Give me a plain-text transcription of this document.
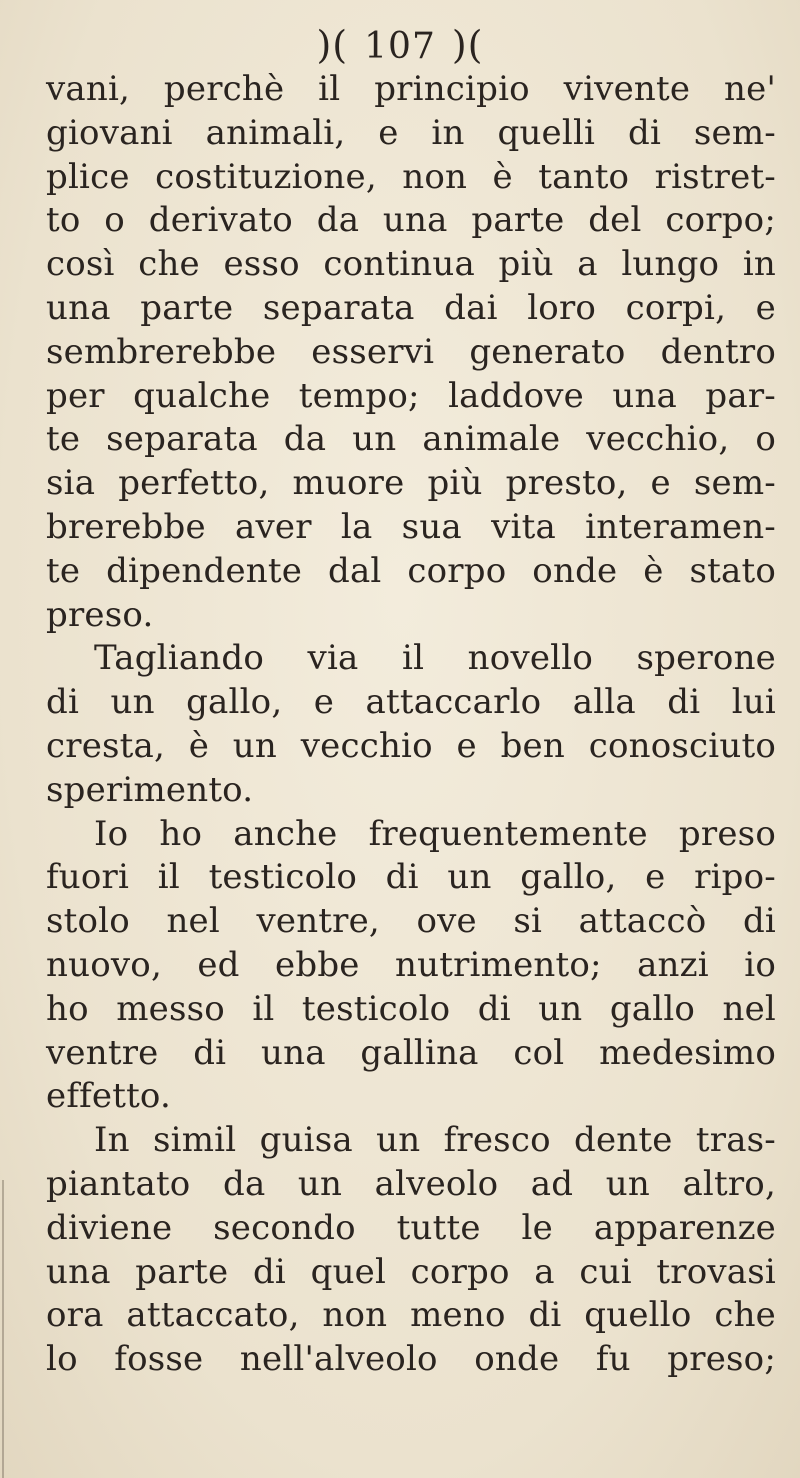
)( 107 )(
vani, perchè il principio vivente ne'
giovani animali, e in quelli di sem-
plice costituzione, non è tanto ristret-
to o derivato da una parte del corpo;
così che esso continua più a lungo in
una parte separata dai loro corpi, e
sembrerebbe esservi generato dentro
per qualche tempo; laddove una par-
te separata da un animale vecchio, o
sia perfetto, muore più presto, e sem-
brerebbe aver la sua vita interamen-
te dipendente dal corpo onde è stato
preso.
Tagliando via il novello sperone
di un gallo, e attaccarlo alla di lui
cresta, è un vecchio e ben conosciuto
sperimento.
Io ho anche frequentemente preso
fuori il testicolo di un gallo, e ripo-
stolo nel ventre, ove si attaccò di
nuovo, ed ebbe nutrimento; anzi io
ho messo il testicolo di un gallo nel
ventre di una gallina col medesimo
effetto.
In simil guisa un fresco dente tras-
piantato da un alveolo ad un altro,
diviene secondo tutte le apparenze
una parte di quel corpo a cui trovasi
ora attaccato, non meno di quello che
lo fosse nell'alveolo onde fu preso;
